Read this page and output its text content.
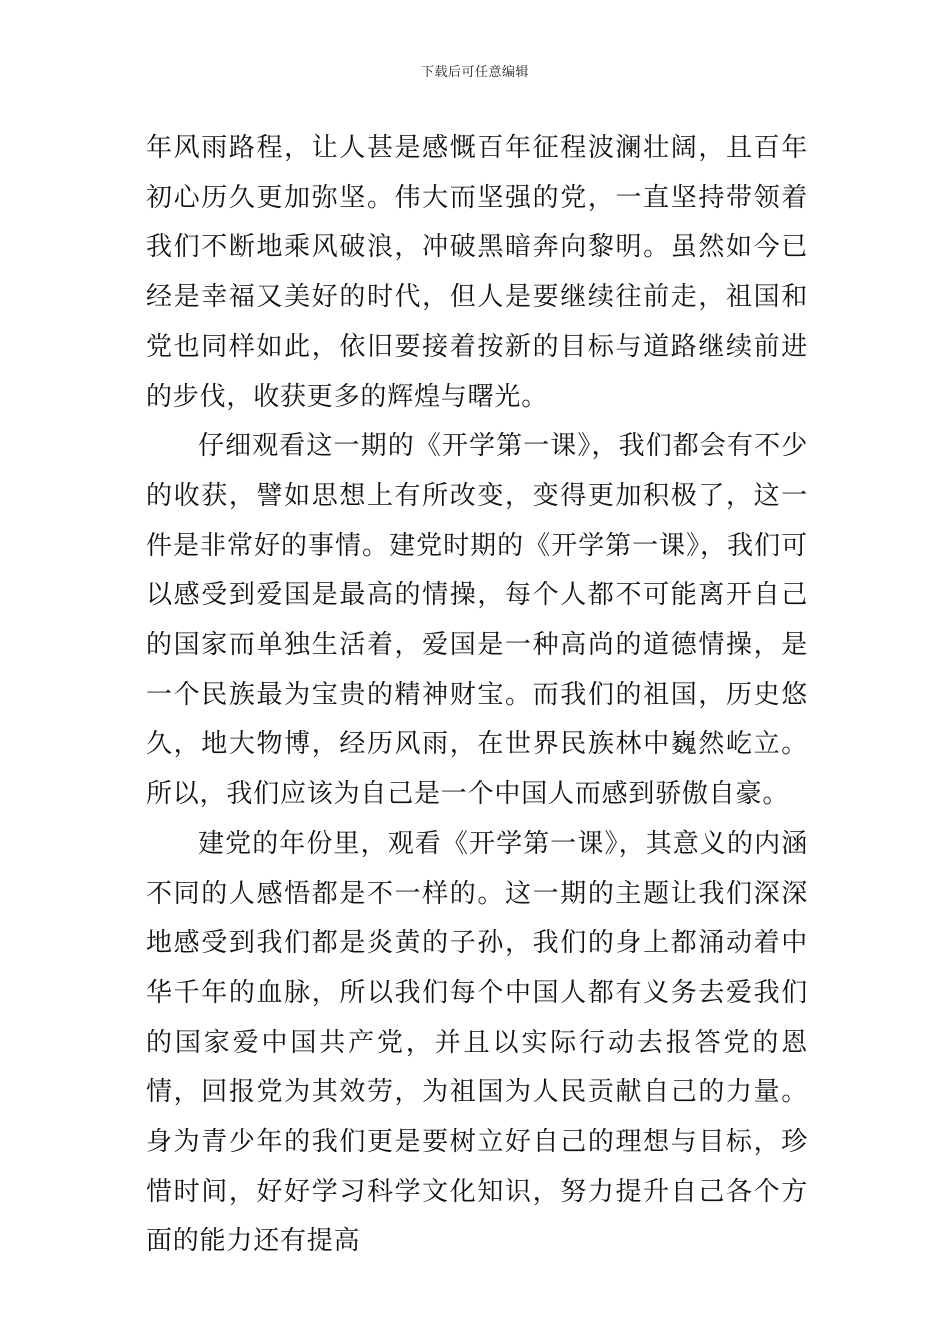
下载后可任意编辑

年风雨路程，让人甚是感慨百年征程波澜壮阔，且百年初心历久更加弥坚。伟大而坚强的党，一直坚持带领着我们不断地乘风破浪，冲破黑暗奔向黎明。虽然如今已经是幸福又美好的时代，但人是要继续往前走，祖国和党也同样如此，依旧要接着按新的目标与道路继续前进的步伐，收获更多的辉煌与曙光。

仔细观看这一期的《开学第一课》，我们都会有不少的收获，譬如思想上有所改变，变得更加积极了，这一件是非常好的事情。建党时期的《开学第一课》，我们可以感受到爱国是最高的情操，每个人都不可能离开自己的国家而单独生活着，爱国是一种高尚的道德情操，是一个民族最为宝贵的精神财宝。而我们的祖国，历史悠久，地大物博，经历风雨，在世界民族林中巍然屹立。所以，我们应该为自己是一个中国人而感到骄傲自豪。

建党的年份里，观看《开学第一课》，其意义的内涵不同的人感悟都是不一样的。这一期的主题让我们深深地感受到我们都是炎黄的子孙，我们的身上都涌动着中华千年的血脉，所以我们每个中国人都有义务去爱我们的国家爱中国共产党，并且以实际行动去报答党的恩情，回报党为其效劳，为祖国为人民贡献自己的力量。身为青少年的我们更是要树立好自己的理想与目标，珍惜时间，好好学习科学文化知识，努力提升自己各个方面的能力还有提高
